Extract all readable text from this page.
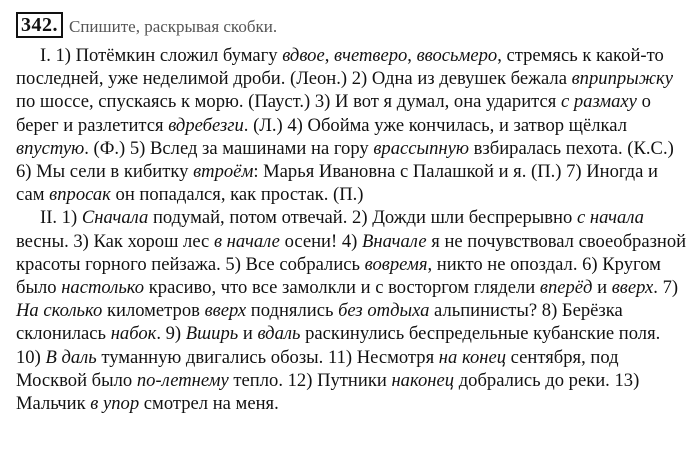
342. Спишите, раскрывая скобки.

I. 1) Потёмкин сложил бумагу вдвое, вчетверо, ввосьмеро, стремясь к какой-то последней, уже неделимой дроби. (Леон.) 2) Одна из девушек бежала вприпрыжку по шоссе, спускаясь к морю. (Пауст.) 3) И вот я думал, она ударится с размаху о берег и разлетится вдребезги. (Л.) 4) Обойма уже кончилась, и затвор щёлкал впустую. (Ф.) 5) Вслед за машинами на гору врассыпную взбиралась пехота. (К.С.) 6) Мы сели в кибитку втроём: Марья Ивановна с Палашкой и я. (П.) 7) Иногда и сам впросак он попадался, как простак. (П.)

II. 1) Сначала подумай, потом отвечай. 2) Дожди шли беспрерывно с начала весны. 3) Как хорош лес в начале осени! 4) Вначале я не почувствовал своеобразной красоты горного пейзажа. 5) Все собрались вовремя, никто не опоздал. 6) Кругом было настолько красиво, что все замолкли и с восторгом глядели вперёд и вверх. 7) На сколько километров вверх поднялись без отдыха альпинисты? 8) Берёзка склонилась набок. 9) Вширь и вдаль раскинулись беспредельные кубанские поля. 10) В даль туманную двигались обозы. 11) Несмотря на конец сентября, под Москвой было по-летнему тепло. 12) Путники наконец добрались до реки. 13) Мальчик в упор смотрел на меня.
